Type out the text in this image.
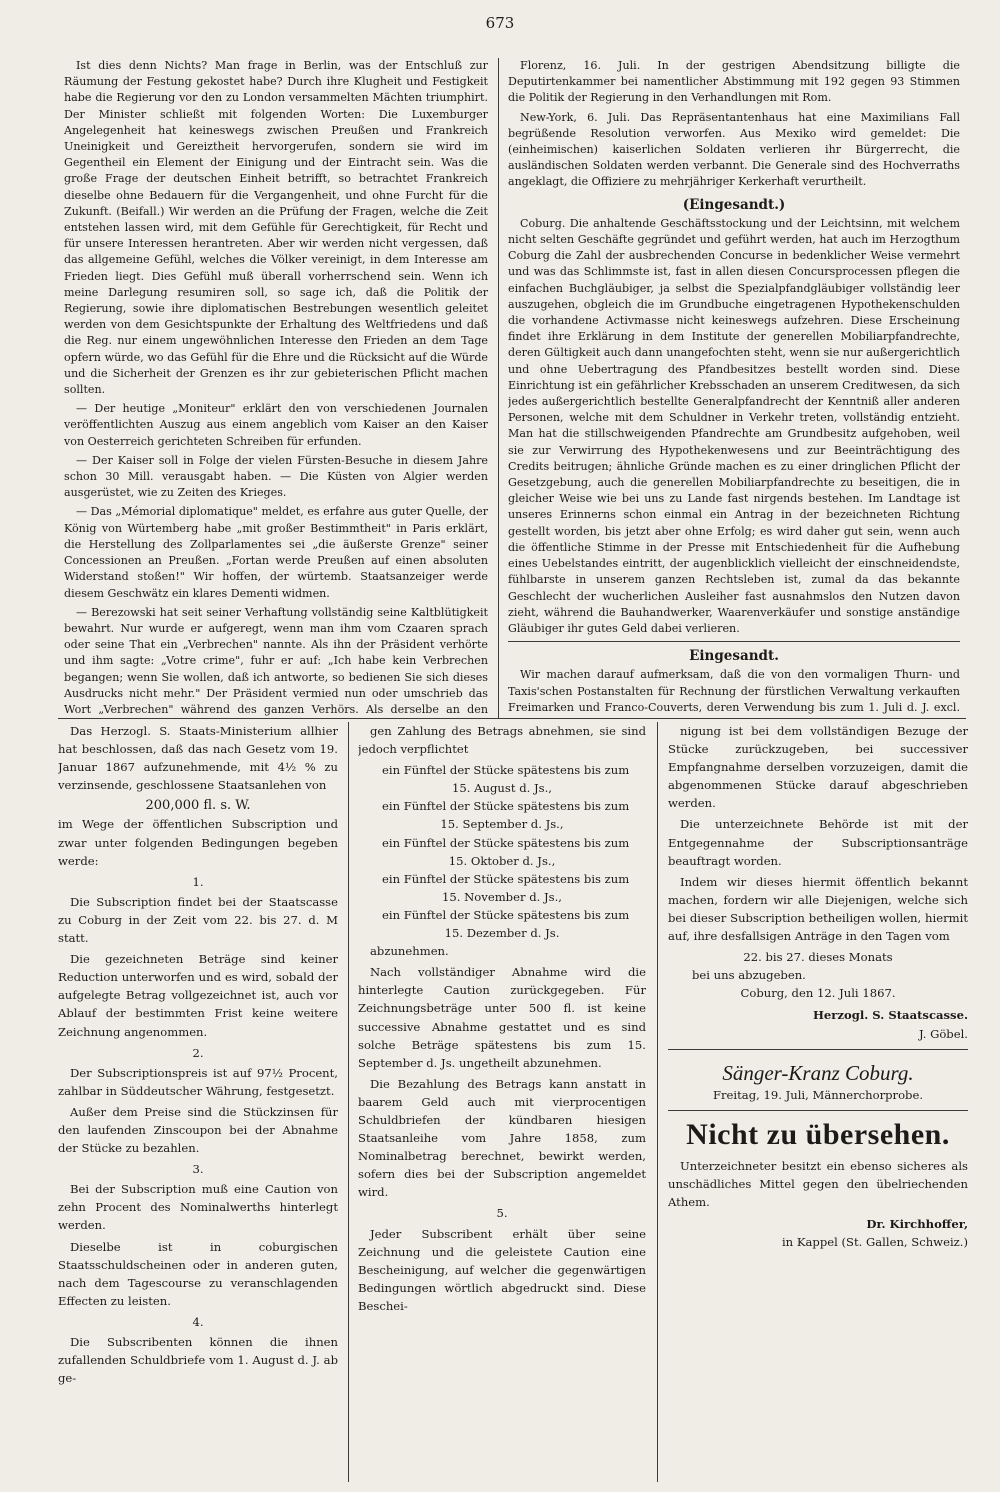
673

Ist dies denn Nichts? Man frage in Berlin, was der Entschluß zur Räumung der Festung gekostet habe? Durch ihre Klugheit und Festigkeit habe die Regierung vor den zu London versammelten Mächten triumphirt. Der Minister schließt mit folgenden Worten: Die Luxemburger Angelegenheit hat keineswegs zwischen Preußen und Frankreich Uneinigkeit und Gereiztheit hervorgerufen, sondern sie wird im Gegentheil ein Element der Einigung und der Eintracht sein. Was die große Frage der deutschen Einheit betrifft, so betrachtet Frankreich dieselbe ohne Bedauern für die Vergangenheit, und ohne Furcht für die Zukunft. (Beifall.) Wir werden an die Prüfung der Fragen, welche die Zeit entstehen lassen wird, mit dem Gefühle für Gerechtigkeit, für Recht und für unsere Interessen herantreten. Aber wir werden nicht vergessen, daß das allgemeine Gefühl, welches die Völker vereinigt, in dem Interesse am Frieden liegt. Dies Gefühl muß überall vorherrschend sein. Wenn ich meine Darlegung resumiren soll, so sage ich, daß die Politik der Regierung, sowie ihre diplomatischen Bestrebungen wesentlich geleitet werden von dem Gesichtspunkte der Erhaltung des Weltfriedens und daß die Reg. nur einem ungewöhnlichen Interesse den Frieden an dem Tage opfern würde, wo das Gefühl für die Ehre und die Rücksicht auf die Würde und die Sicherheit der Grenzen es ihr zur gebieterischen Pflicht machen sollten.

— Der heutige „Moniteur" erklärt den von verschiedenen Journalen veröffentlichten Auszug aus einem angeblich vom Kaiser an den Kaiser von Oesterreich gerichteten Schreiben für erfunden.

— Der Kaiser soll in Folge der vielen Fürsten-Besuche in diesem Jahre schon 30 Mill. verausgabt haben. — Die Küsten von Algier werden ausgerüstet, wie zu Zeiten des Krieges.

— Das „Mémorial diplomatique" meldet, es erfahre aus guter Quelle, der König von Würtemberg habe „mit großer Bestimmtheit" in Paris erklärt, die Herstellung des Zollparlamentes sei „die äußerste Grenze" seiner Concessionen an Preußen. „Fortan werde Preußen auf einen absoluten Widerstand stoßen!" Wir hoffen, der würtemb. Staatsanzeiger werde diesem Geschwätz ein klares Dementi widmen.

— Berezowski hat seit seiner Verhaftung vollständig seine Kaltblütigkeit bewahrt. Nur wurde er aufgeregt, wenn man ihm vom Czaaren sprach oder seine That ein „Verbrechen" nannte. Als ihn der Präsident verhörte und ihm sagte: „Votre crime", fuhr er auf: „Ich habe kein Verbrechen begangen; wenn Sie wollen, daß ich antworte, so bedienen Sie sich dieses Ausdrucks nicht mehr." Der Präsident vermied nun oder umschrieb das Wort „Verbrechen" während des ganzen Verhörs. Als derselbe an den

Florenz, 16. Juli. In der gestrigen Abendsitzung billigte die Deputirtenkammer bei namentlicher Abstimmung mit 192 gegen 93 Stimmen die Politik der Regierung in den Verhandlungen mit Rom.

New-York, 6. Juli. Das Repräsentantenhaus hat eine Maximilians Fall begrüßende Resolution verworfen. Aus Mexiko wird gemeldet: Die (einheimischen) kaiserlichen Soldaten verlieren ihr Bürgerrecht, die ausländischen Soldaten werden verbannt. Die Generale sind des Hochverraths angeklagt, die Offiziere zu mehrjähriger Kerkerhaft verurtheilt.

(Eingesandt.)

Coburg. Die anhaltende Geschäftsstockung und der Leichtsinn, mit welchem nicht selten Geschäfte gegründet und geführt werden, hat auch im Herzogthum Coburg die Zahl der ausbrechenden Concurse in bedenklicher Weise vermehrt und was das Schlimmste ist, fast in allen diesen Concursprocessen pflegen die einfachen Buchgläubiger, ja selbst die Spezialpfandgläubiger vollständig leer auszugehen, obgleich die im Grundbuche eingetragenen Hypothekenschulden die vorhandene Activmasse nicht keineswegs aufzehren. Diese Erscheinung findet ihre Erklärung in dem Institute der generellen Mobiliarpfandrechte, deren Gültigkeit auch dann unangefochten steht, wenn sie nur außergerichtlich und ohne Uebertragung des Pfandbesitzes bestellt worden sind. Diese Einrichtung ist ein gefährlicher Krebsschaden an unserem Creditwesen, da sich jedes außergerichtlich bestellte Generalpfandrecht der Kenntniß aller anderen Personen, welche mit dem Schuldner in Verkehr treten, vollständig entzieht. Man hat die stillschweigenden Pfandrechte am Grundbesitz aufgehoben, weil sie zur Verwirrung des Hypothekenwesens und zur Beeinträchtigung des Credits beitrugen; ähnliche Gründe machen es zu einer dringlichen Pflicht der Gesetzgebung, auch die generellen Mobiliarpfandrechte zu beseitigen, die in gleicher Weise wie bei uns zu Lande fast nirgends bestehen. Im Landtage ist unseres Erinnerns schon einmal ein Antrag in der bezeichneten Richtung gestellt worden, bis jetzt aber ohne Erfolg; es wird daher gut sein, wenn auch die öffentliche Stimme in der Presse mit Entschiedenheit für die Aufhebung eines Uebelstandes eintritt, der augenblicklich vielleicht der einschneidendste, fühlbarste in unserem ganzen Rechtsleben ist, zumal da das bekannte Geschlecht der wucherlichen Ausleiher fast ausnahmslos den Nutzen davon zieht, während die Bauhandwerker, Waarenverkäufer und sonstige anständige Gläubiger ihr gutes Geld dabei verlieren.

Eingesandt.

Wir machen darauf aufmerksam, daß die von den vormaligen Thurn- und Taxis'schen Postanstalten für Rechnung der fürstlichen Verwaltung verkauften Freimarken und Franco-Couverts, deren Verwendung bis zum 1. Juli d. J. excl.

Das Herzogl. S. Staats-Ministerium allhier hat beschlossen, daß das nach Gesetz vom 19. Januar 1867 aufzunehmende, mit 4½ % zu verzinsende, geschlossene Staatsanlehen von

200,000 fl. s. W.

im Wege der öffentlichen Subscription und zwar unter folgenden Bedingungen begeben werde:

1.

Die Subscription findet bei der Staatscasse zu Coburg in der Zeit vom 22. bis 27. d. M statt.

Die gezeichneten Beträge sind keiner Reduction unterworfen und es wird, sobald der aufgelegte Betrag vollgezeichnet ist, auch vor Ablauf der bestimmten Frist keine weitere Zeichnung angenommen.

2.

Der Subscriptionspreis ist auf 97½ Procent, zahlbar in Süddeutscher Währung, festgesetzt.

Außer dem Preise sind die Stückzinsen für den laufenden Zinscoupon bei der Abnahme der Stücke zu bezahlen.

3.

Bei der Subscription muß eine Caution von zehn Procent des Nominalwerths hinterlegt werden.

Dieselbe ist in coburgischen Staatsschuldscheinen oder in anderen guten, nach dem Tagescourse zu veranschlagenden Effecten zu leisten.

4.

Die Subscribenten können die ihnen zufallenden Schuldbriefe vom 1. August d. J. ab ge-

gen Zahlung des Betrags abnehmen, sie sind jedoch verpflichtet

ein Fünftel der Stücke spätestens bis zum
15. August d. Js.,
ein Fünftel der Stücke spätestens bis zum
15. September d. Js.,
ein Fünftel der Stücke spätestens bis zum
15. Oktober d. Js.,
ein Fünftel der Stücke spätestens bis zum
15. November d. Js.,
ein Fünftel der Stücke spätestens bis zum
15. Dezember d. Js.

abzunehmen.

Nach vollständiger Abnahme wird die hinterlegte Caution zurückgegeben. Für Zeichnungsbeträge unter 500 fl. ist keine successive Abnahme gestattet und es sind solche Beträge spätestens bis zum 15. September d. Js. ungetheilt abzunehmen.

Die Bezahlung des Betrags kann anstatt in baarem Geld auch mit vierprocentigen Schuldbriefen der kündbaren hiesigen Staatsanleihe vom Jahre 1858, zum Nominalbetrag berechnet, bewirkt werden, sofern dies bei der Subscription angemeldet wird.

5.

Jeder Subscribent erhält über seine Zeichnung und die geleistete Caution eine Bescheinigung, auf welcher die gegenwärtigen Bedingungen wörtlich abgedruckt sind. Diese Beschei-

nigung ist bei dem vollständigen Bezuge der Stücke zurückzugeben, bei successiver Empfangnahme derselben vorzuzeigen, damit die abgenommenen Stücke darauf abgeschrieben werden.

Die unterzeichnete Behörde ist mit der Entgegennahme der Subscriptionsanträge beauftragt worden.

Indem wir dieses hiermit öffentlich bekannt machen, fordern wir alle Diejenigen, welche sich bei dieser Subscription betheiligen wollen, hiermit auf, ihre desfallsigen Anträge in den Tagen vom

22. bis 27. dieses Monats
bei uns abzugeben.
Coburg, den 12. Juli 1867.
Herzogl. S. Staatscasse.
J. Göbel.
Sänger-Kranz Coburg.
Freitag, 19. Juli, Männerchorprobe.
Nicht zu übersehen.

Unterzeichneter besitzt ein ebenso sicheres als unschädliches Mittel gegen den übelriechenden Athem.

Dr. Kirchhoffer,
in Kappel (St. Gallen, Schweiz.)
